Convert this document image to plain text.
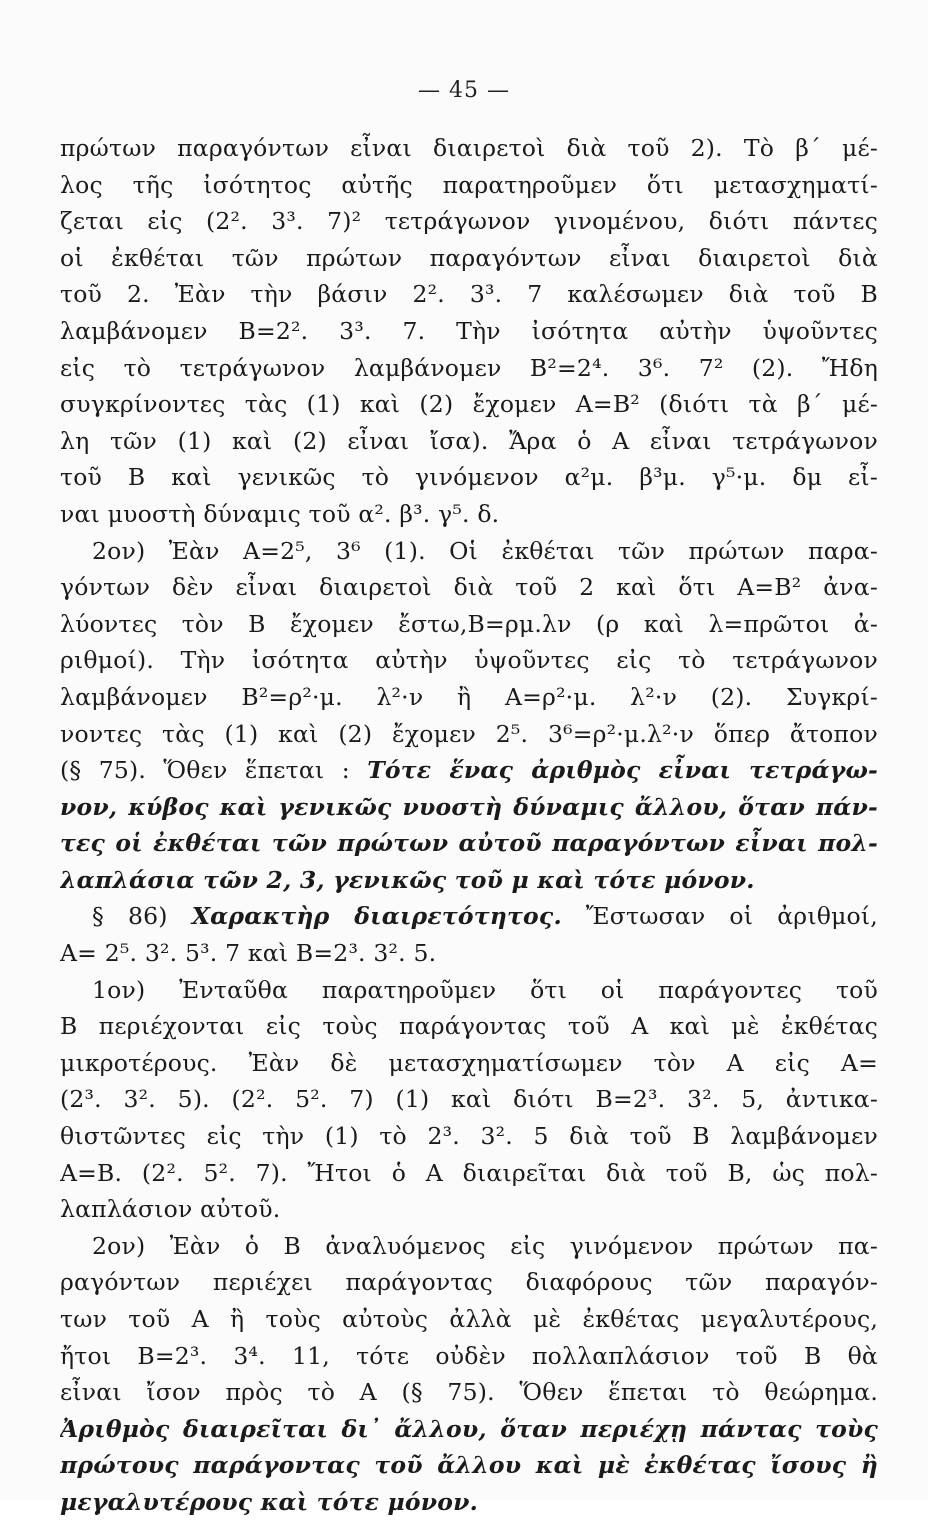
— 45 —
πρώτων παραγόντων εἶναι διαιρετοὶ διὰ τοῦ 2). Τὸ β΄ μέ-
λος τῆς ἰσότητος αὐτῆς παρατηροῦμεν ὅτι μετασχηματί-
ζεται εἰς (2². 3³. 7)² τετράγωνον γινομένου, διότι πάντες
οἱ ἐκθέται τῶν πρώτων παραγόντων εἶναι διαιρετοὶ διὰ
τοῦ 2. Ἐὰν τὴν βάσιν 2². 3³. 7 καλέσωμεν διὰ τοῦ Β
λαμβάνομεν Β=2². 3³. 7. Τὴν ἰσότητα αὐτὴν ὑψοῦντες
εἰς τὸ τετράγωνον λαμβάνομεν Β²=2⁴. 3⁶. 7² (2). Ἤδη
συγκρίνοντες τὰς (1) καὶ (2) ἔχομεν Α=Β² (διότι τὰ β΄ μέ-
λη τῶν (1) καὶ (2) εἶναι ἴσα). Ἄρα ὁ Α εἶναι τετράγωνον
τοῦ Β καὶ γενικῶς τὸ γινόμενον α²μ. β³μ. γ⁵·μ. δμ εἶ-
ναι μυοστὴ δύναμις τοῦ α². β³. γ⁵. δ.
2ον) Ἐὰν Α=2⁵, 3⁶ (1). Οἱ ἐκθέται τῶν πρώτων παρα-
γόντων δὲν εἶναι διαιρετοὶ διὰ τοῦ 2 καὶ ὅτι Α=Β² ἀνα-
λύοντες τὸν Β ἔχομεν ἔστω,Β=ρμ.λν (ρ καὶ λ=πρῶτοι ἀ-
ριθμοί). Τὴν ἰσότητα αὐτὴν ὑψοῦντες εἰς τὸ τετράγωνον
λαμβάνομεν Β²=ρ²·μ. λ²·ν ἢ Α=ρ²·μ. λ²·ν (2). Συγκρί-
νοντες τὰς (1) καὶ (2) ἔχομεν 2⁵. 3⁶=ρ²·μ.λ²·ν ὅπερ ἄτοπον
(§ 75). Ὅθεν ἕπεται : Τότε ἕνας ἀριθμὸς εἶναι τετράγω-
νον, κύβος καὶ γενικῶς νυοστὴ δύναμις ἄλλου, ὅταν πάν-
τες οἱ ἐκθέται τῶν πρώτων αὐτοῦ παραγόντων εἶναι πολ-
λαπλάσια τῶν 2, 3, γενικῶς τοῦ μ καὶ τότε μόνον.
§ 86) Χαρακτὴρ διαιρετότητος. Ἔστωσαν οἱ ἀριθμοί,
Α= 2⁵. 3². 5³. 7 καὶ Β=2³. 3². 5.
1ον) Ἐνταῦθα παρατηροῦμεν ὅτι οἱ παράγοντες τοῦ
Β περιέχονται εἰς τοὺς παράγοντας τοῦ Α καὶ μὲ ἐκθέτας
μικροτέρους. Ἐὰν δὲ μετασχηματίσωμεν τὸν Α εἰς Α=
(2³. 3². 5). (2². 5². 7) (1) καὶ διότι Β=2³. 3². 5, ἀντικα-
θιστῶντες εἰς τὴν (1) τὸ 2³. 3². 5 διὰ τοῦ Β λαμβάνομεν
Α=Β. (2². 5². 7). Ἤτοι ὁ Α διαιρεῖται διὰ τοῦ Β, ὡς πολ-
λαπλάσιον αὐτοῦ.
2ον) Ἐὰν ὁ Β ἀναλυόμενος εἰς γινόμενον πρώτων πα-
ραγόντων περιέχει παράγοντας διαφόρους τῶν παραγόν-
των τοῦ Α ἢ τοὺς αὐτοὺς ἀλλὰ μὲ ἐκθέτας μεγαλυτέρους,
ἤτοι Β=2³. 3⁴. 11, τότε οὐδὲν πολλαπλάσιον τοῦ Β θὰ
εἶναι ἴσον πρὸς τὸ Α (§ 75). Ὅθεν ἕπεται τὸ θεώρημα.
Ἀριθμὸς διαιρεῖται δι᾿ ἄλλου, ὅταν περιέχῃ πάντας τοὺς
πρώτους παράγοντας τοῦ ἄλλου καὶ μὲ ἐκθέτας ἴσους ἢ
μεγαλυτέρους καὶ τότε μόνον.
